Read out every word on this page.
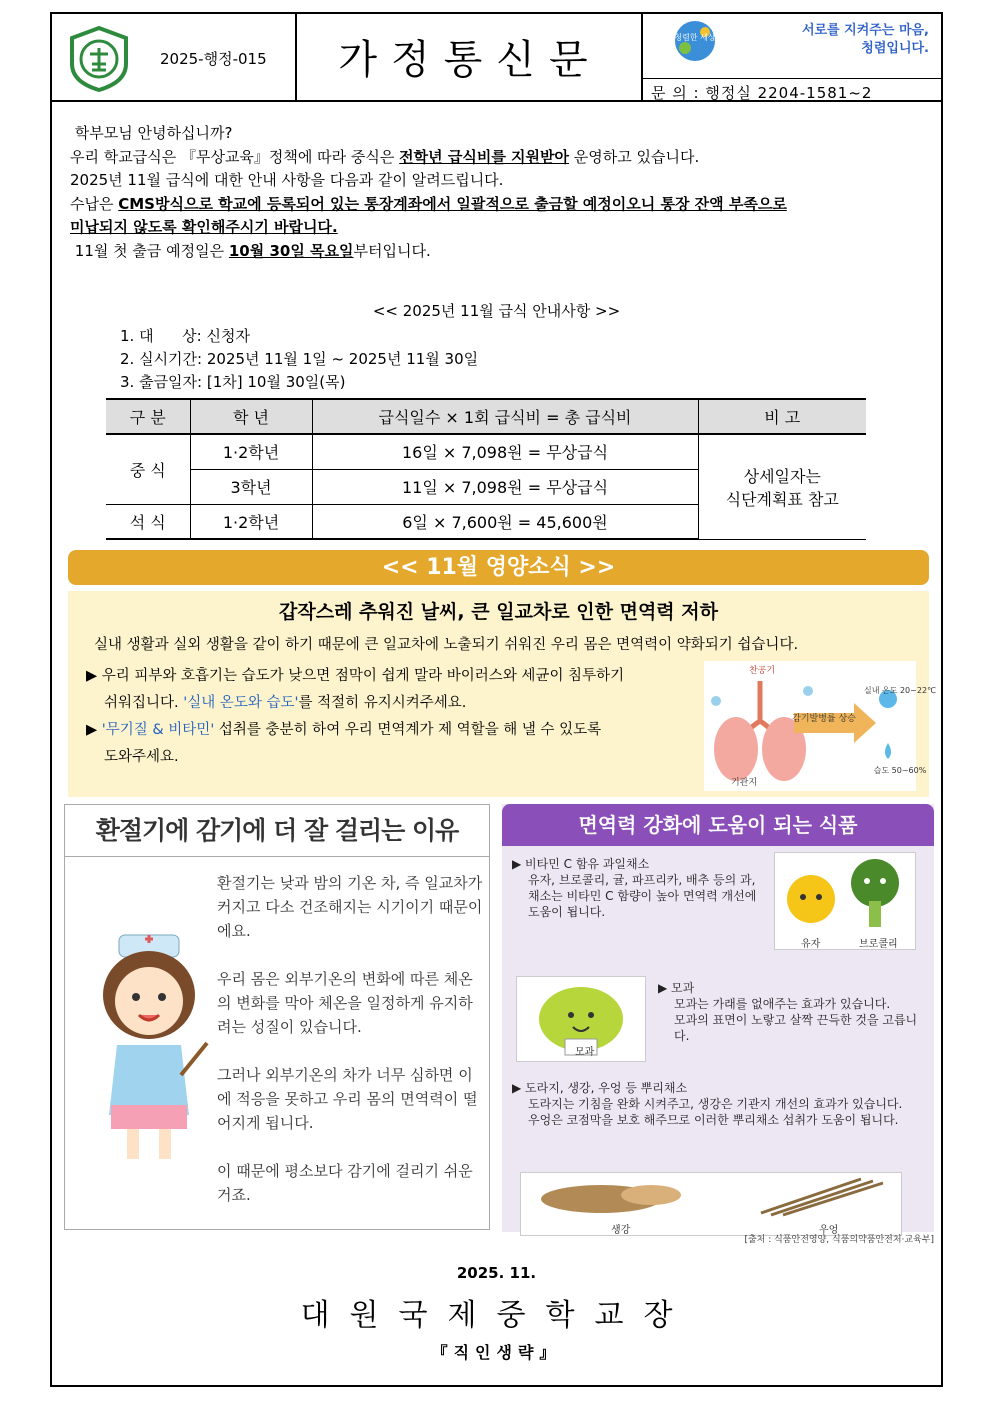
2025-행정-015	가정통신문	청렴한 세상	서로를 지켜주는 마음,
청렴입니다.
문 의 : 행정실 2204-1581~2

학부모님 안녕하십니까?

우리 학교급식은 『무상교육』정책에 따라 중식은 전학년 급식비를 지원받아 운영하고 있습니다.

2025년 11월 급식에 대한 안내 사항을 다음과 같이 알려드립니다.

수납은 CMS방식으로 학교에 등록되어 있는 통장계좌에서 일괄적으로 출금할 예정이오니 통장 잔액 부족으로

미납되지 않도록 확인해주시기 바랍니다.

11월 첫 출금 예정일은 10월 30일 목요일부터입니다.

<< 2025년 11월 급식 안내사항 >>
1. 대      상: 신청자
2. 실시기간: 2025년 11월 1일 ~ 2025년 11월 30일
3. 출금일자: [1차] 10월 30일(목)
구 분	학 년	급식일수 × 1회 급식비 = 총 급식비	비 고
중 식	1·2학년	16일 × 7,098원 = 무상급식	상세일자는
식단계획표 참고

	3학년	11일 × 7,098원 = 무상급식	
석 식	1·2학년	6일 × 7,600원 = 45,600원	
<< 11월 영양소식 >>
갑작스레 추워진 날씨, 큰 일교차로 인한 면역력 저하
실내 생활과 실외 생활을 같이 하기 때문에 큰 일교차에 노출되기 쉬워진 우리 몸은 면역력이 약화되기 쉽습니다.
▶ 우리 피부와 호흡기는 습도가 낮으면 점막이 쉽게 말라 바이러스와 세균이 침투하기
쉬워집니다. '실내 온도와 습도'를 적절히 유지시켜주세요.
▶ '무기질 & 비타민' 섭취를 충분히 하여 우리 면역계가 제 역할을 해 낼 수 있도록
도와주세요.
감기발병률 상승
찬공기
기관지
실내 온도 20~22℃
습도 50~60%
환절기에 감기에 더 잘 걸리는 이유

환절기는 낮과 밤의 기온 차, 즉 일교차가 커지고 다소 건조해지는 시기이기 때문이에요.

우리 몸은 외부기온의 변화에 따른 체온의 변화를 막아 체온을 일정하게 유지하려는 성질이 있습니다.

그러나 외부기온의 차가 너무 심하면 이에 적응을 못하고 우리 몸의 면역력이 떨어지게 됩니다.

이 때문에 평소보다 감기에 걸리기 쉬운 거죠.

면역력 강화에 도움이 되는 식품
▶ 비타민 C 함유 과일채소
유자, 브로콜리, 귤, 파프리카, 배추 등의 과, 채소는 비타민 C 함량이 높아 면역력 개선에 도움이 됩니다.
유자	브로콜리
모과
▶ 모과
모과는 가래를 없애주는 효과가 있습니다.
모과의 표면이 노랗고 살짝 끈득한 것을 고릅니다.
▶ 도라지, 생강, 우엉 등 뿌리채소
도라지는 기침을 완화 시켜주고, 생강은 기관지 개선의 효과가 있습니다.
우엉은 코점막을 보호 해주므로 이러한 뿌리채소 섭취가 도움이 됩니다.
생강	우엉
[출처 : 식품안전영양, 식품의약품안전처·교육부]
2025. 11.
대원국제중학교장
『직인생략』
